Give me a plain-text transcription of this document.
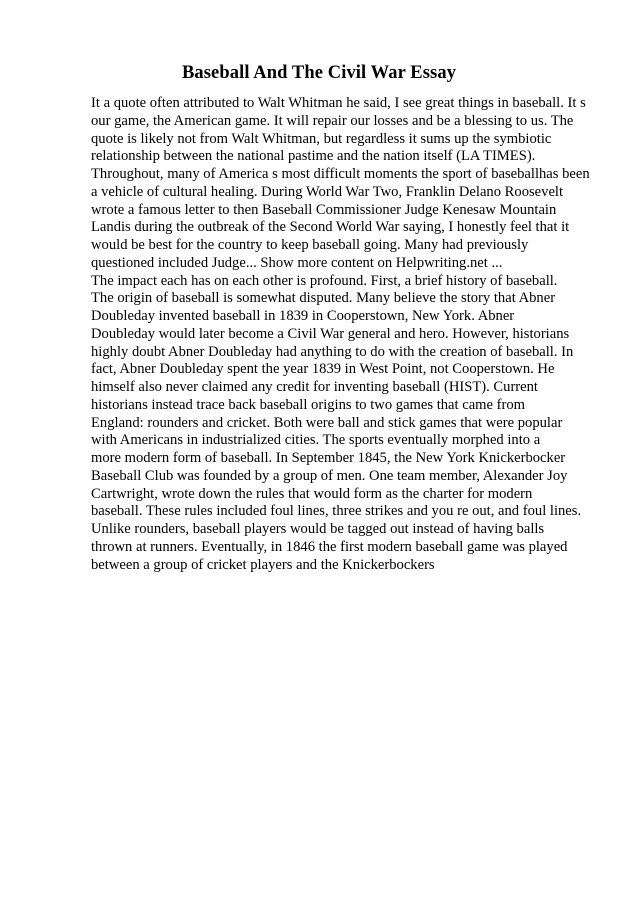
Baseball And The Civil War Essay
It a quote often attributed to Walt Whitman he said, I see great things in baseball. It s
our game, the American game. It will repair our losses and be a blessing to us. The
quote is likely not from Walt Whitman, but regardless it sums up the symbiotic
relationship between the national pastime and the nation itself (LA TIMES).
Throughout, many of America s most difficult moments the sport of baseballhas been
a vehicle of cultural healing. During World War Two, Franklin Delano Roosevelt
wrote a famous letter to then Baseball Commissioner Judge Kenesaw Mountain
Landis during the outbreak of the Second World War saying, I honestly feel that it
would be best for the country to keep baseball going. Many had previously
questioned included Judge... Show more content on Helpwriting.net ...
The impact each has on each other is profound. First, a brief history of baseball.
The origin of baseball is somewhat disputed. Many believe the story that Abner
Doubleday invented baseball in 1839 in Cooperstown, New York. Abner
Doubleday would later become a Civil War general and hero. However, historians
highly doubt Abner Doubleday had anything to do with the creation of baseball. In
fact, Abner Doubleday spent the year 1839 in West Point, not Cooperstown. He
himself also never claimed any credit for inventing baseball (HIST). Current
historians instead trace back baseball origins to two games that came from
England: rounders and cricket. Both were ball and stick games that were popular
with Americans in industrialized cities. The sports eventually morphed into a
more modern form of baseball. In September 1845, the New York Knickerbocker
Baseball Club was founded by a group of men. One team member, Alexander Joy
Cartwright, wrote down the rules that would form as the charter for modern
baseball. These rules included foul lines, three strikes and you re out, and foul lines.
Unlike rounders, baseball players would be tagged out instead of having balls
thrown at runners. Eventually, in 1846 the first modern baseball game was played
between a group of cricket players and the Knickerbockers
